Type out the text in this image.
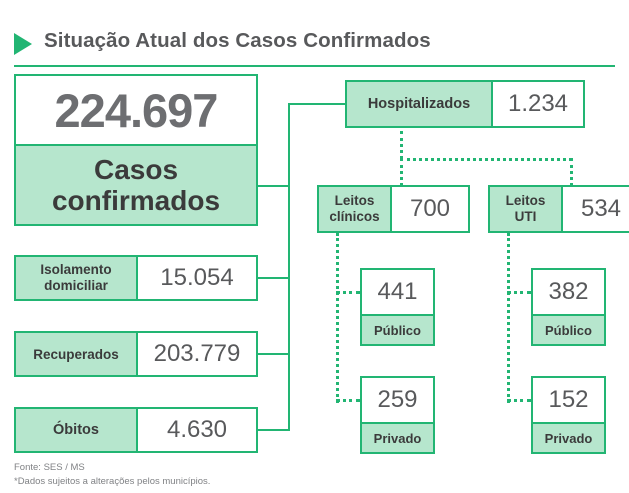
Situação Atual dos Casos Confirmados
224.697
Casos
confirmados
Isolamento
domiciliar 15.054
Recuperados 203.779
Óbitos	4.630
Hospitalizados 1.234
Leitos
clínicos 700
441
Público
259
Privado
Leitos
UTI	534
382
Público
152
Privado
Fonte: SES / MS
*Dados sujeitos a alterações pelos municípios.
